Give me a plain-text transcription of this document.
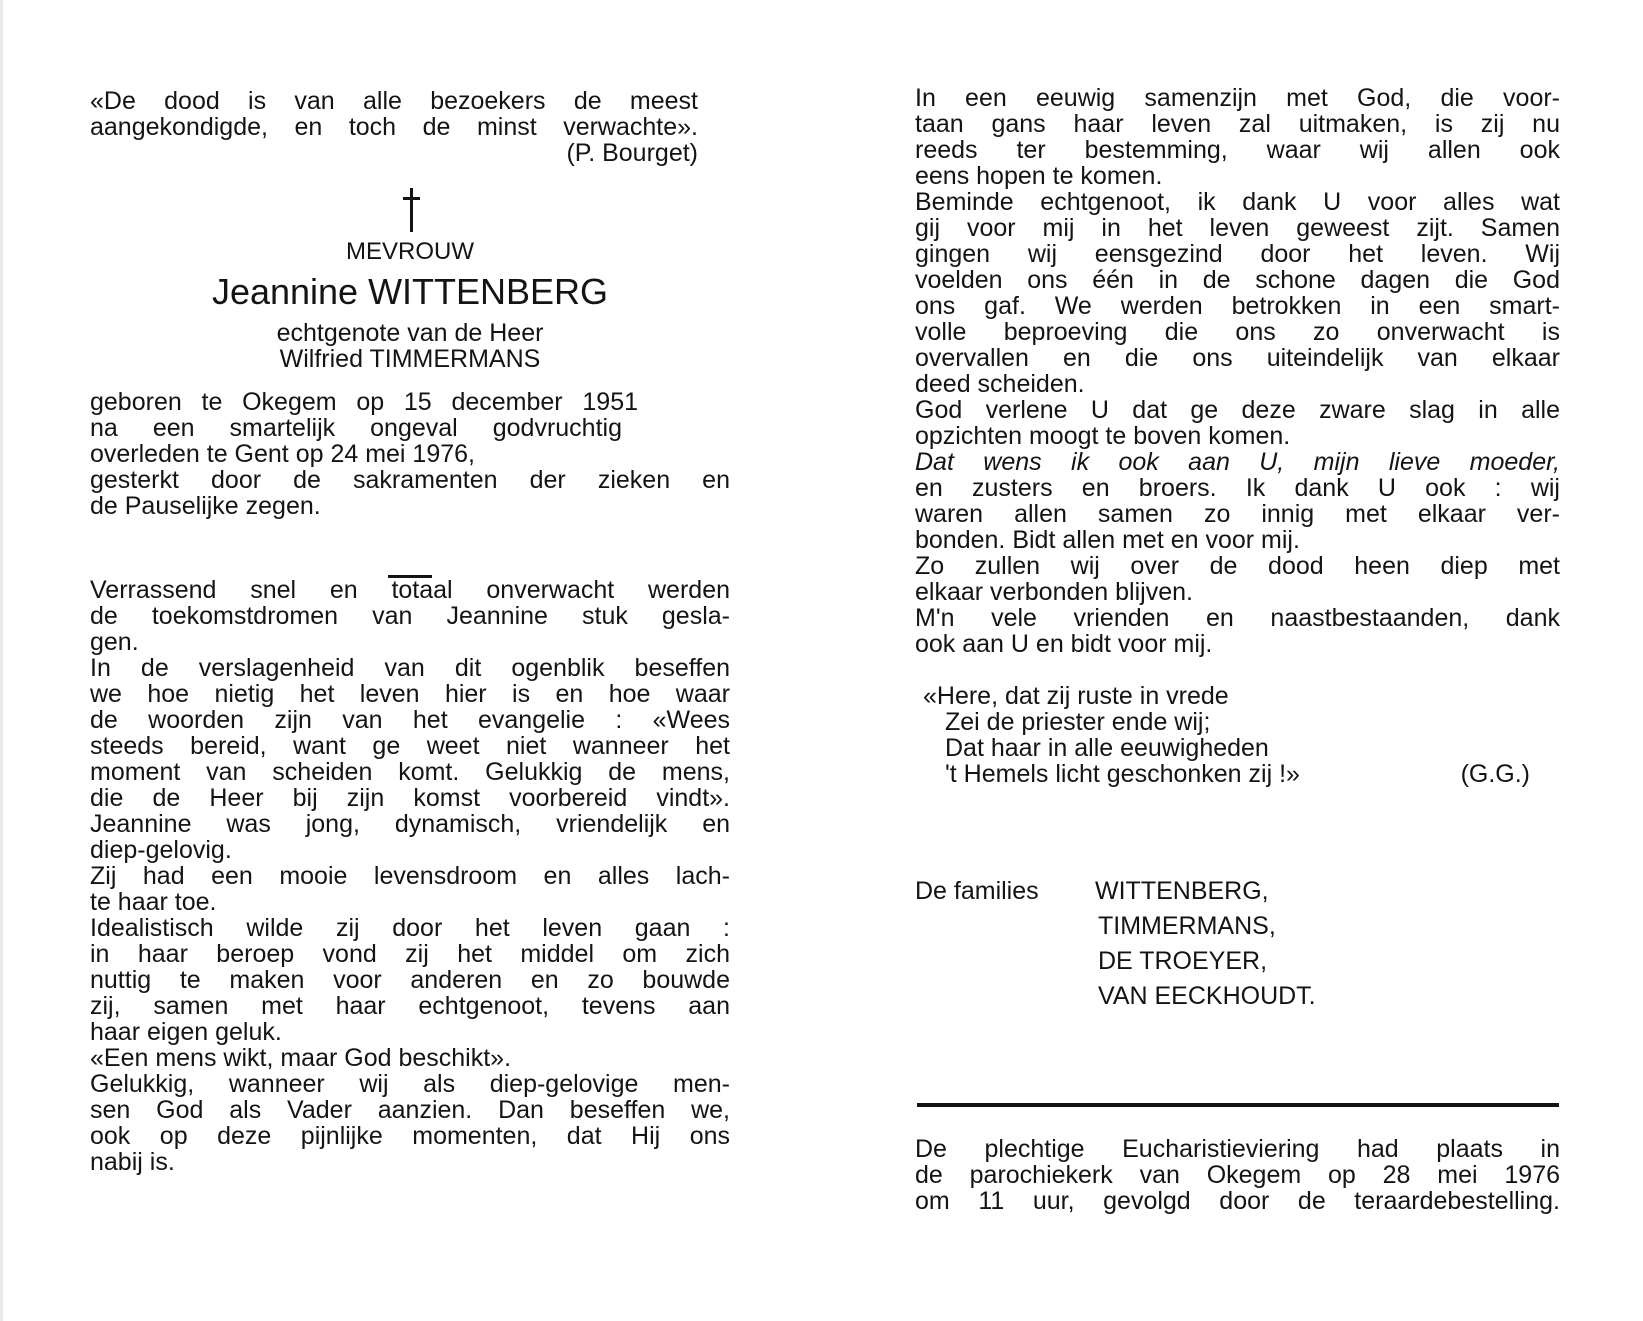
«De dood is van alle bezoekers de meest
aangekondigde, en toch de minst verwachte».
(P. Bourget)
MEVROUW
Jeannine WITTENBERG
echtgenote van de Heer
Wilfried TIMMERMANS
geboren te Okegem op 15 december 1951
na een smartelijk ongeval godvruchtig
overleden te Gent op 24 mei 1976,
gesterkt door de sakramenten der zieken en
de Pauselijke zegen.
Verrassend snel en totaal onverwacht werden
de toekomstdromen van Jeannine stuk gesla-
gen.
In de verslagenheid van dit ogenblik beseffen
we hoe nietig het leven hier is en hoe waar
de woorden zijn van het evangelie : «Wees
steeds bereid, want ge weet niet wanneer het
moment van scheiden komt. Gelukkig de mens,
die de Heer bij zijn komst voorbereid vindt».
Jeannine was jong, dynamisch, vriendelijk en
diep-gelovig.
Zij had een mooie levensdroom en alles lach-
te haar toe.
Idealistisch wilde zij door het leven gaan :
in haar beroep vond zij het middel om zich
nuttig te maken voor anderen en zo bouwde
zij, samen met haar echtgenoot, tevens aan
haar eigen geluk.
«Een mens wikt, maar God beschikt».
Gelukkig, wanneer wij als diep-gelovige men-
sen God als Vader aanzien. Dan beseffen we,
ook op deze pijnlijke momenten, dat Hij ons
nabij is.
In een eeuwig samenzijn met God, die voor-
taan gans haar leven zal uitmaken, is zij nu
reeds ter bestemming, waar wij allen ook
eens hopen te komen.
Beminde echtgenoot, ik dank U voor alles wat
gij voor mij in het leven geweest zijt. Samen
gingen wij eensgezind door het leven. Wij
voelden ons één in de schone dagen die God
ons gaf. We werden betrokken in een smart-
volle beproeving die ons zo onverwacht is
overvallen en die ons uiteindelijk van elkaar
deed scheiden.
God verlene U dat ge deze zware slag in alle
opzichten moogt te boven komen.
Dat wens ik ook aan U, mijn lieve moeder,
en zusters en broers. Ik dank U ook : wij
waren allen samen zo innig met elkaar ver-
bonden. Bidt allen met en voor mij.
Zo zullen wij over de dood heen diep met
elkaar verbonden blijven.
M'n vele vrienden en naastbestaanden, dank
ook aan U en bidt voor mij.
«Here, dat zij ruste in vrede
Zei de priester ende wij;
Dat haar in alle eeuwigheden
't Hemels licht geschonken zij !»	(G.G.)
De families WITTENBERG,
TIMMERMANS,
DE TROEYER,
VAN EECKHOUDT.
De plechtige Eucharistieviering had plaats in
de parochiekerk van Okegem op 28 mei 1976
om 11 uur, gevolgd door de teraardebestelling.
